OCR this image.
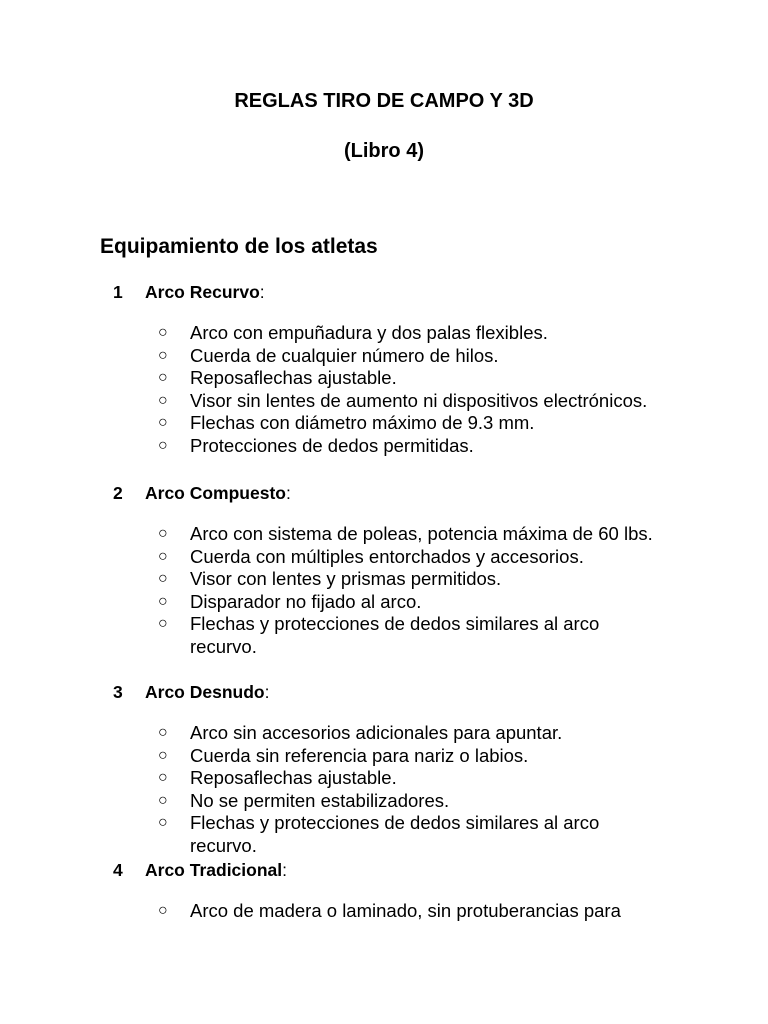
REGLAS TIRO DE CAMPO Y 3D
(Libro 4)
Equipamiento de los atletas
1 Arco Recurvo:
○ Arco con empuñadura y dos palas flexibles.
○ Cuerda de cualquier número de hilos.
○ Reposaflechas ajustable.
○ Visor sin lentes de aumento ni dispositivos electrónicos.
○ Flechas con diámetro máximo de 9.3 mm.
○ Protecciones de dedos permitidas.
2 Arco Compuesto:
○ Arco con sistema de poleas, potencia máxima de 60 lbs.
○ Cuerda con múltiples entorchados y accesorios.
○ Visor con lentes y prismas permitidos.
○ Disparador no fijado al arco.
○ Flechas y protecciones de dedos similares al arco recurvo.
3 Arco Desnudo:
○ Arco sin accesorios adicionales para apuntar.
○ Cuerda sin referencia para nariz o labios.
○ Reposaflechas ajustable.
○ No se permiten estabilizadores.
○ Flechas y protecciones de dedos similares al arco recurvo.
4 Arco Tradicional:
○ Arco de madera o laminado, sin protuberancias para
